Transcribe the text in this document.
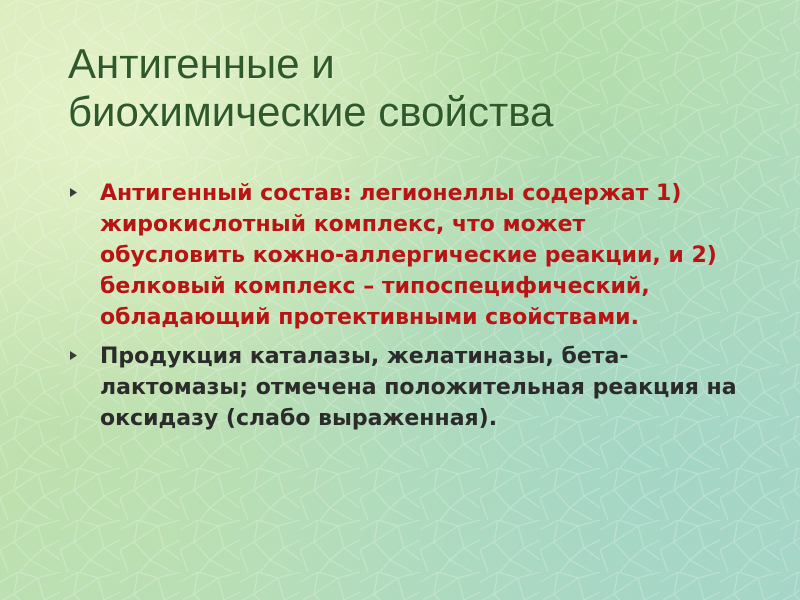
Антигенные и
биохимические свойства
Антигенный состав: легионеллы содержат 1) жирокислотный комплекс, что может обусловить кожно-аллергические реакции, и 2) белковый комплекс – типоспецифический, обладающий протективными свойствами.
Продукция каталазы, желатиназы, бета-лактомазы; отмечена положительная реакция на оксидазу (слабо выраженная).
